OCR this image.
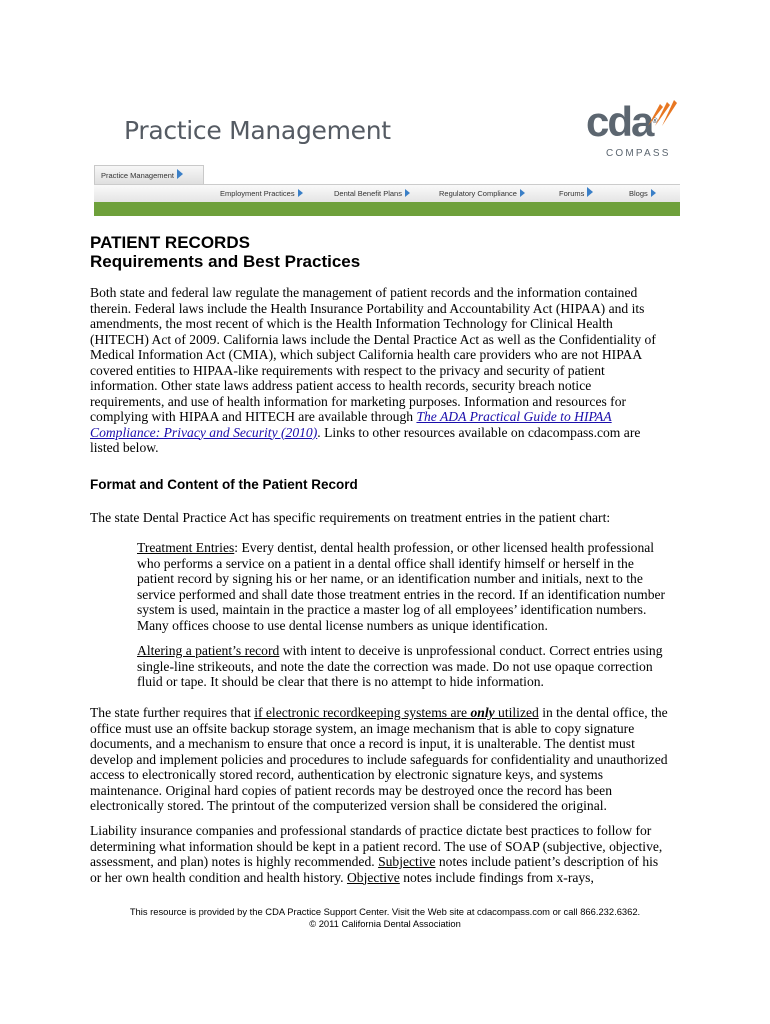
Practice Management	cda®
COMPASS
Practice Management
Employment Practices	Dental Benefit Plans	Regulatory Compliance	Forums	Blogs
PATIENT RECORDS
Requirements and Best Practices
Both state and federal law regulate the management of patient records and the information contained
therein. Federal laws include the Health Insurance Portability and Accountability Act (HIPAA) and its
amendments, the most recent of which is the Health Information Technology for Clinical Health
(HITECH) Act of 2009. California laws include the Dental Practice Act as well as the Confidentiality of
Medical Information Act (CMIA), which subject California health care providers who are not HIPAA
covered entities to HIPAA-like requirements with respect to the privacy and security of patient
information. Other state laws address patient access to health records, security breach notice
requirements, and use of health information for marketing purposes. Information and resources for
complying with HIPAA and HITECH are available through The ADA Practical Guide to HIPAA
Compliance: Privacy and Security (2010). Links to other resources available on cdacompass.com are
listed below.
Format and Content of the Patient Record
The state Dental Practice Act has specific requirements on treatment entries in the patient chart:
Treatment Entries: Every dentist, dental health profession, or other licensed health professional
who performs a service on a patient in a dental office shall identify himself or herself in the
patient record by signing his or her name, or an identification number and initials, next to the
service performed and shall date those treatment entries in the record. If an identification number
system is used, maintain in the practice a master log of all employees’ identification numbers.
Many offices choose to use dental license numbers as unique identification.
Altering a patient’s record with intent to deceive is unprofessional conduct. Correct entries using
single-line strikeouts, and note the date the correction was made. Do not use opaque correction
fluid or tape. It should be clear that there is no attempt to hide information.
The state further requires that if electronic recordkeeping systems are only utilized in the dental office, the
office must use an offsite backup storage system, an image mechanism that is able to copy signature
documents, and a mechanism to ensure that once a record is input, it is unalterable. The dentist must
develop and implement policies and procedures to include safeguards for confidentiality and unauthorized
access to electronically stored record, authentication by electronic signature keys, and systems
maintenance. Original hard copies of patient records may be destroyed once the record has been
electronically stored. The printout of the computerized version shall be considered the original.
Liability insurance companies and professional standards of practice dictate best practices to follow for
determining what information should be kept in a patient record. The use of SOAP (subjective, objective,
assessment, and plan) notes is highly recommended. Subjective notes include patient’s description of his
or her own health condition and health history. Objective notes include findings from x-rays,
This resource is provided by the CDA Practice Support Center. Visit the Web site at cdacompass.com or call 866.232.6362.
© 2011 California Dental Association
